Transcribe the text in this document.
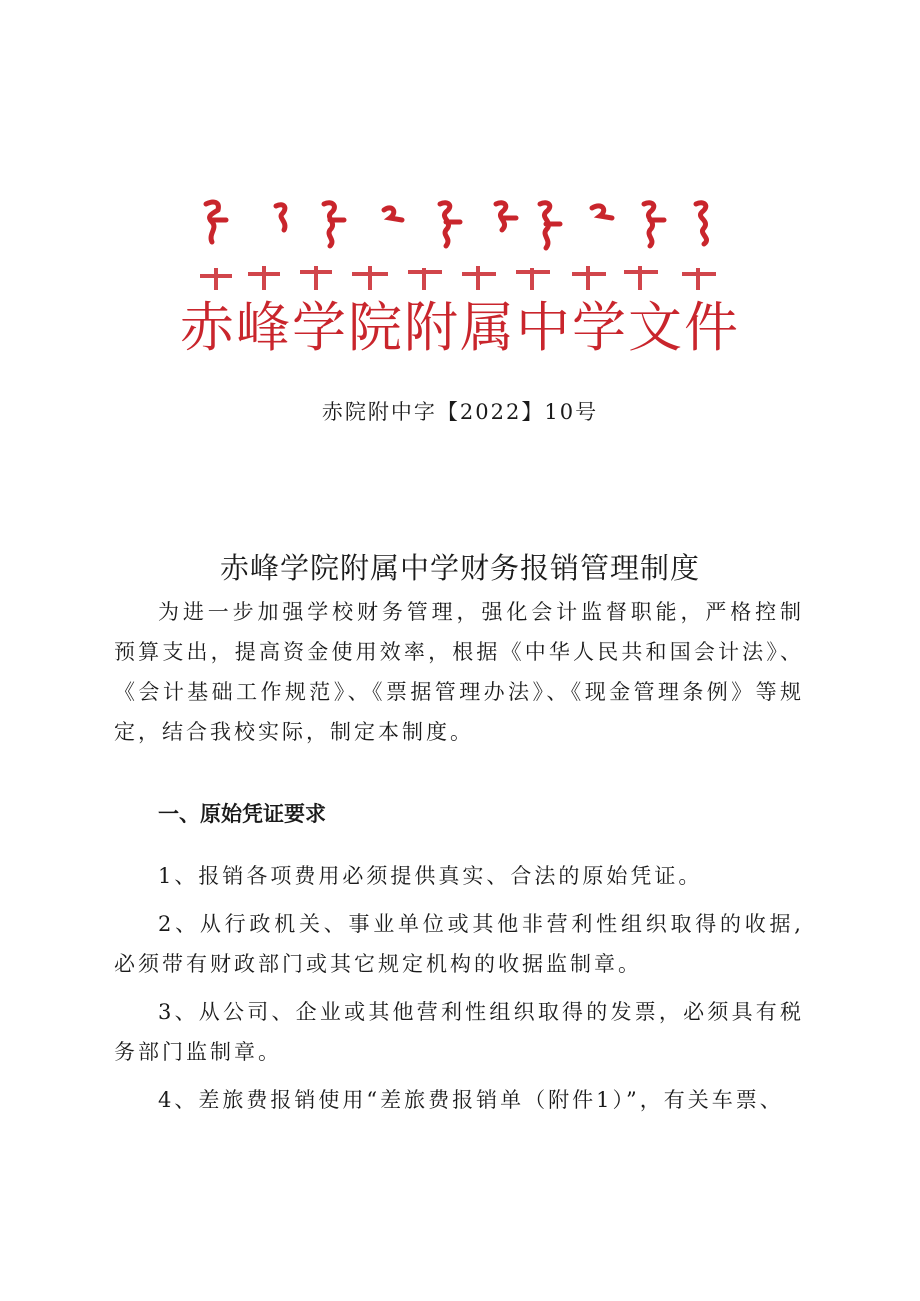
赤峰学院附属中学文件
赤院附中字【2022】10号
赤峰学院附属中学财务报销管理制度

为进一步加强学校财务管理，强化会计监督职能，严格控制预算支出，提高资金使用效率，根据《中华人民共和国会计法》、《会计基础工作规范》、《票据管理办法》、《现金管理条例》等规定，结合我校实际，制定本制度。

一、原始凭证要求

1、报销各项费用必须提供真实、合法的原始凭证。

2、从行政机关、事业单位或其他非营利性组织取得的收据,必须带有财政部门或其它规定机构的收据监制章。

3、从公司、企业或其他营利性组织取得的发票，必须具有税务部门监制章。

4、差旅费报销使用“差旅费报销单（附件1）”，有关车票、
